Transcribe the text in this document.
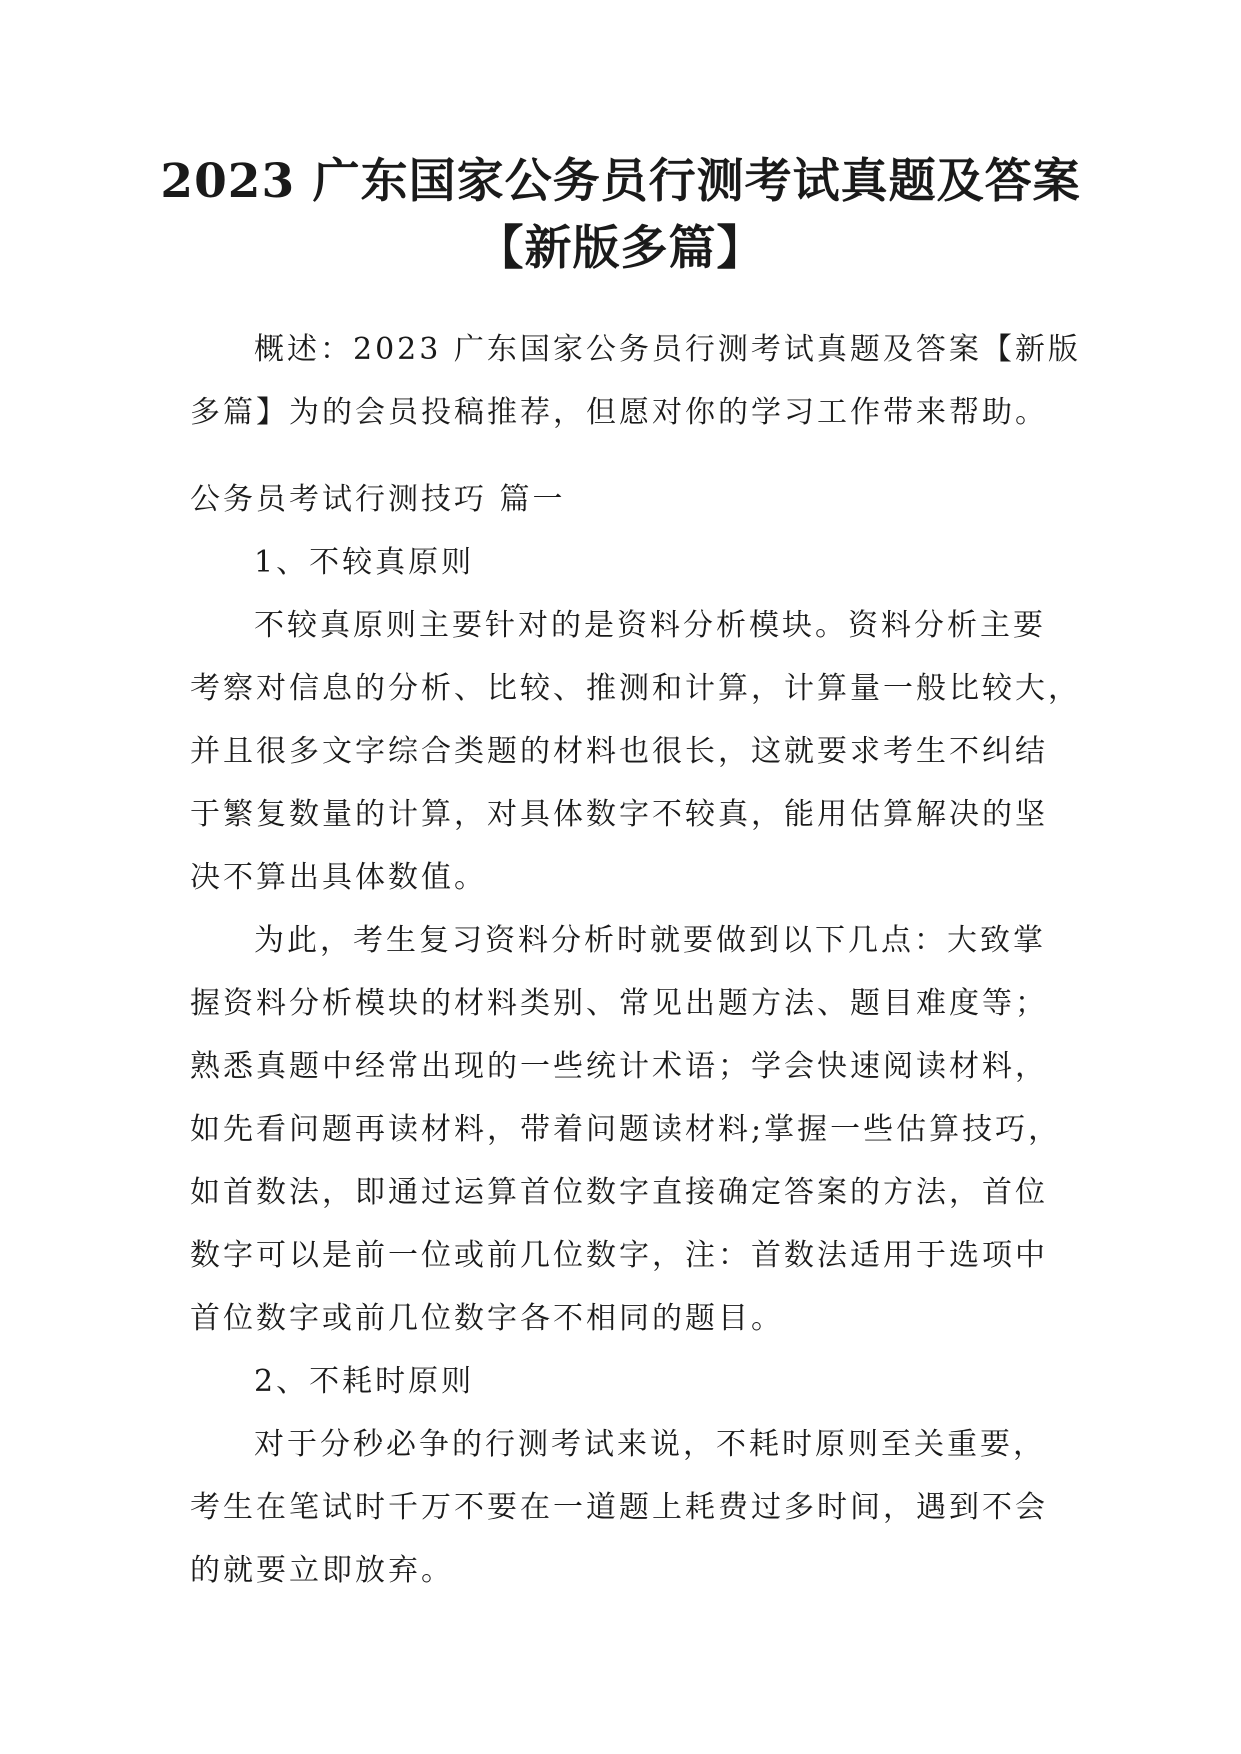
2023 广东国家公务员行测考试真题及答案
【新版多篇】
概述：2023 广东国家公务员行测考试真题及答案【新版
多篇】为的会员投稿推荐，但愿对你的学习工作带来帮助。
公务员考试行测技巧 篇一
1、不较真原则
不较真原则主要针对的是资料分析模块。资料分析主要
考察对信息的分析、比较、推测和计算，计算量一般比较大，
并且很多文字综合类题的材料也很长，这就要求考生不纠结
于繁复数量的计算，对具体数字不较真，能用估算解决的坚
决不算出具体数值。
为此，考生复习资料分析时就要做到以下几点：大致掌
握资料分析模块的材料类别、常见出题方法、题目难度等；
熟悉真题中经常出现的一些统计术语；学会快速阅读材料，
如先看问题再读材料，带着问题读材料;掌握一些估算技巧，
如首数法，即通过运算首位数字直接确定答案的方法，首位
数字可以是前一位或前几位数字，注：首数法适用于选项中
首位数字或前几位数字各不相同的题目。
2、不耗时原则
对于分秒必争的行测考试来说，不耗时原则至关重要，
考生在笔试时千万不要在一道题上耗费过多时间，遇到不会
的就要立即放弃。
